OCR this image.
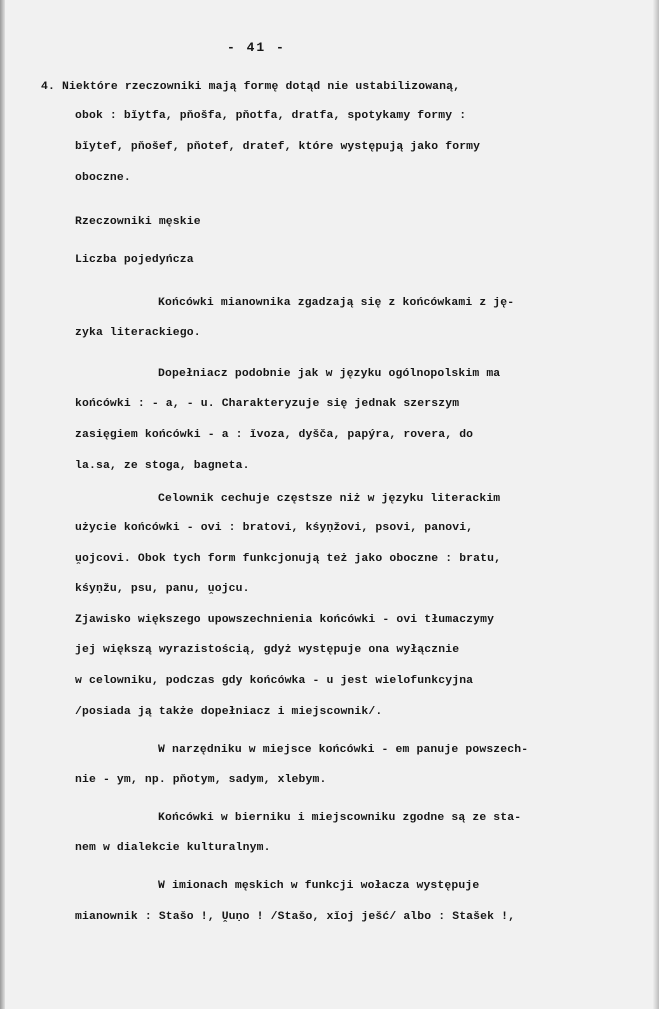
- 41 -
4. Niektóre rzeczowniki mają formę dotąd nie ustabilizowaną,
obok : bǐytfa, pňošfa, pňotfa, dratfa, spotykamy formy :
bǐytef, pňošef, pňotef, dratef, które występują jako formy
oboczne.
Rzeczowniki męskie
Liczba pojedyńcza
Końcówki mianownika zgadzają się z końcówkami z ję-
zyka literackiego.
Dopełniacz podobnie jak w języku ogólnopolskim ma
końcówki : - a, - u. Charakteryzuje się jednak szerszym
zasięgiem końcówki - a : ǐvoza, dyšča, papýra, rovera, do
la.sa, ze stoga, bagneta.
Celownik cechuje częstsze niż w języku literackim
użycie końcówki - ovi : bratovi, kśyṇžovi, psovi, panovi,
ṷojcovi. Obok tych form funkcjonują też jako oboczne : bratu,
kśyṇžu, psu, panu, ṷojcu.
Zjawisko większego upowszechnienia końcówki - ovi tłumaczymy
jej większą wyrazistością, gdyż występuje ona wyłącznie
w celowniku, podczas gdy końcówka - u jest wielofunkcyjna
/posiada ją także dopełniacz i miejscownik/.
W narzędniku w miejsce końcówki - em panuje powszech-
nie - ym, np. pňotym, sadym, xlebym.
Końcówki w bierniku i miejscowniku zgodne są ze sta-
nem w dialekcie kulturalnym.
W imionach męskich w funkcji wołacza występuje
mianownik : Stašo !, Ṷuṇo ! /Stašo, xǐoj ješć/ albo : Stašek !,
